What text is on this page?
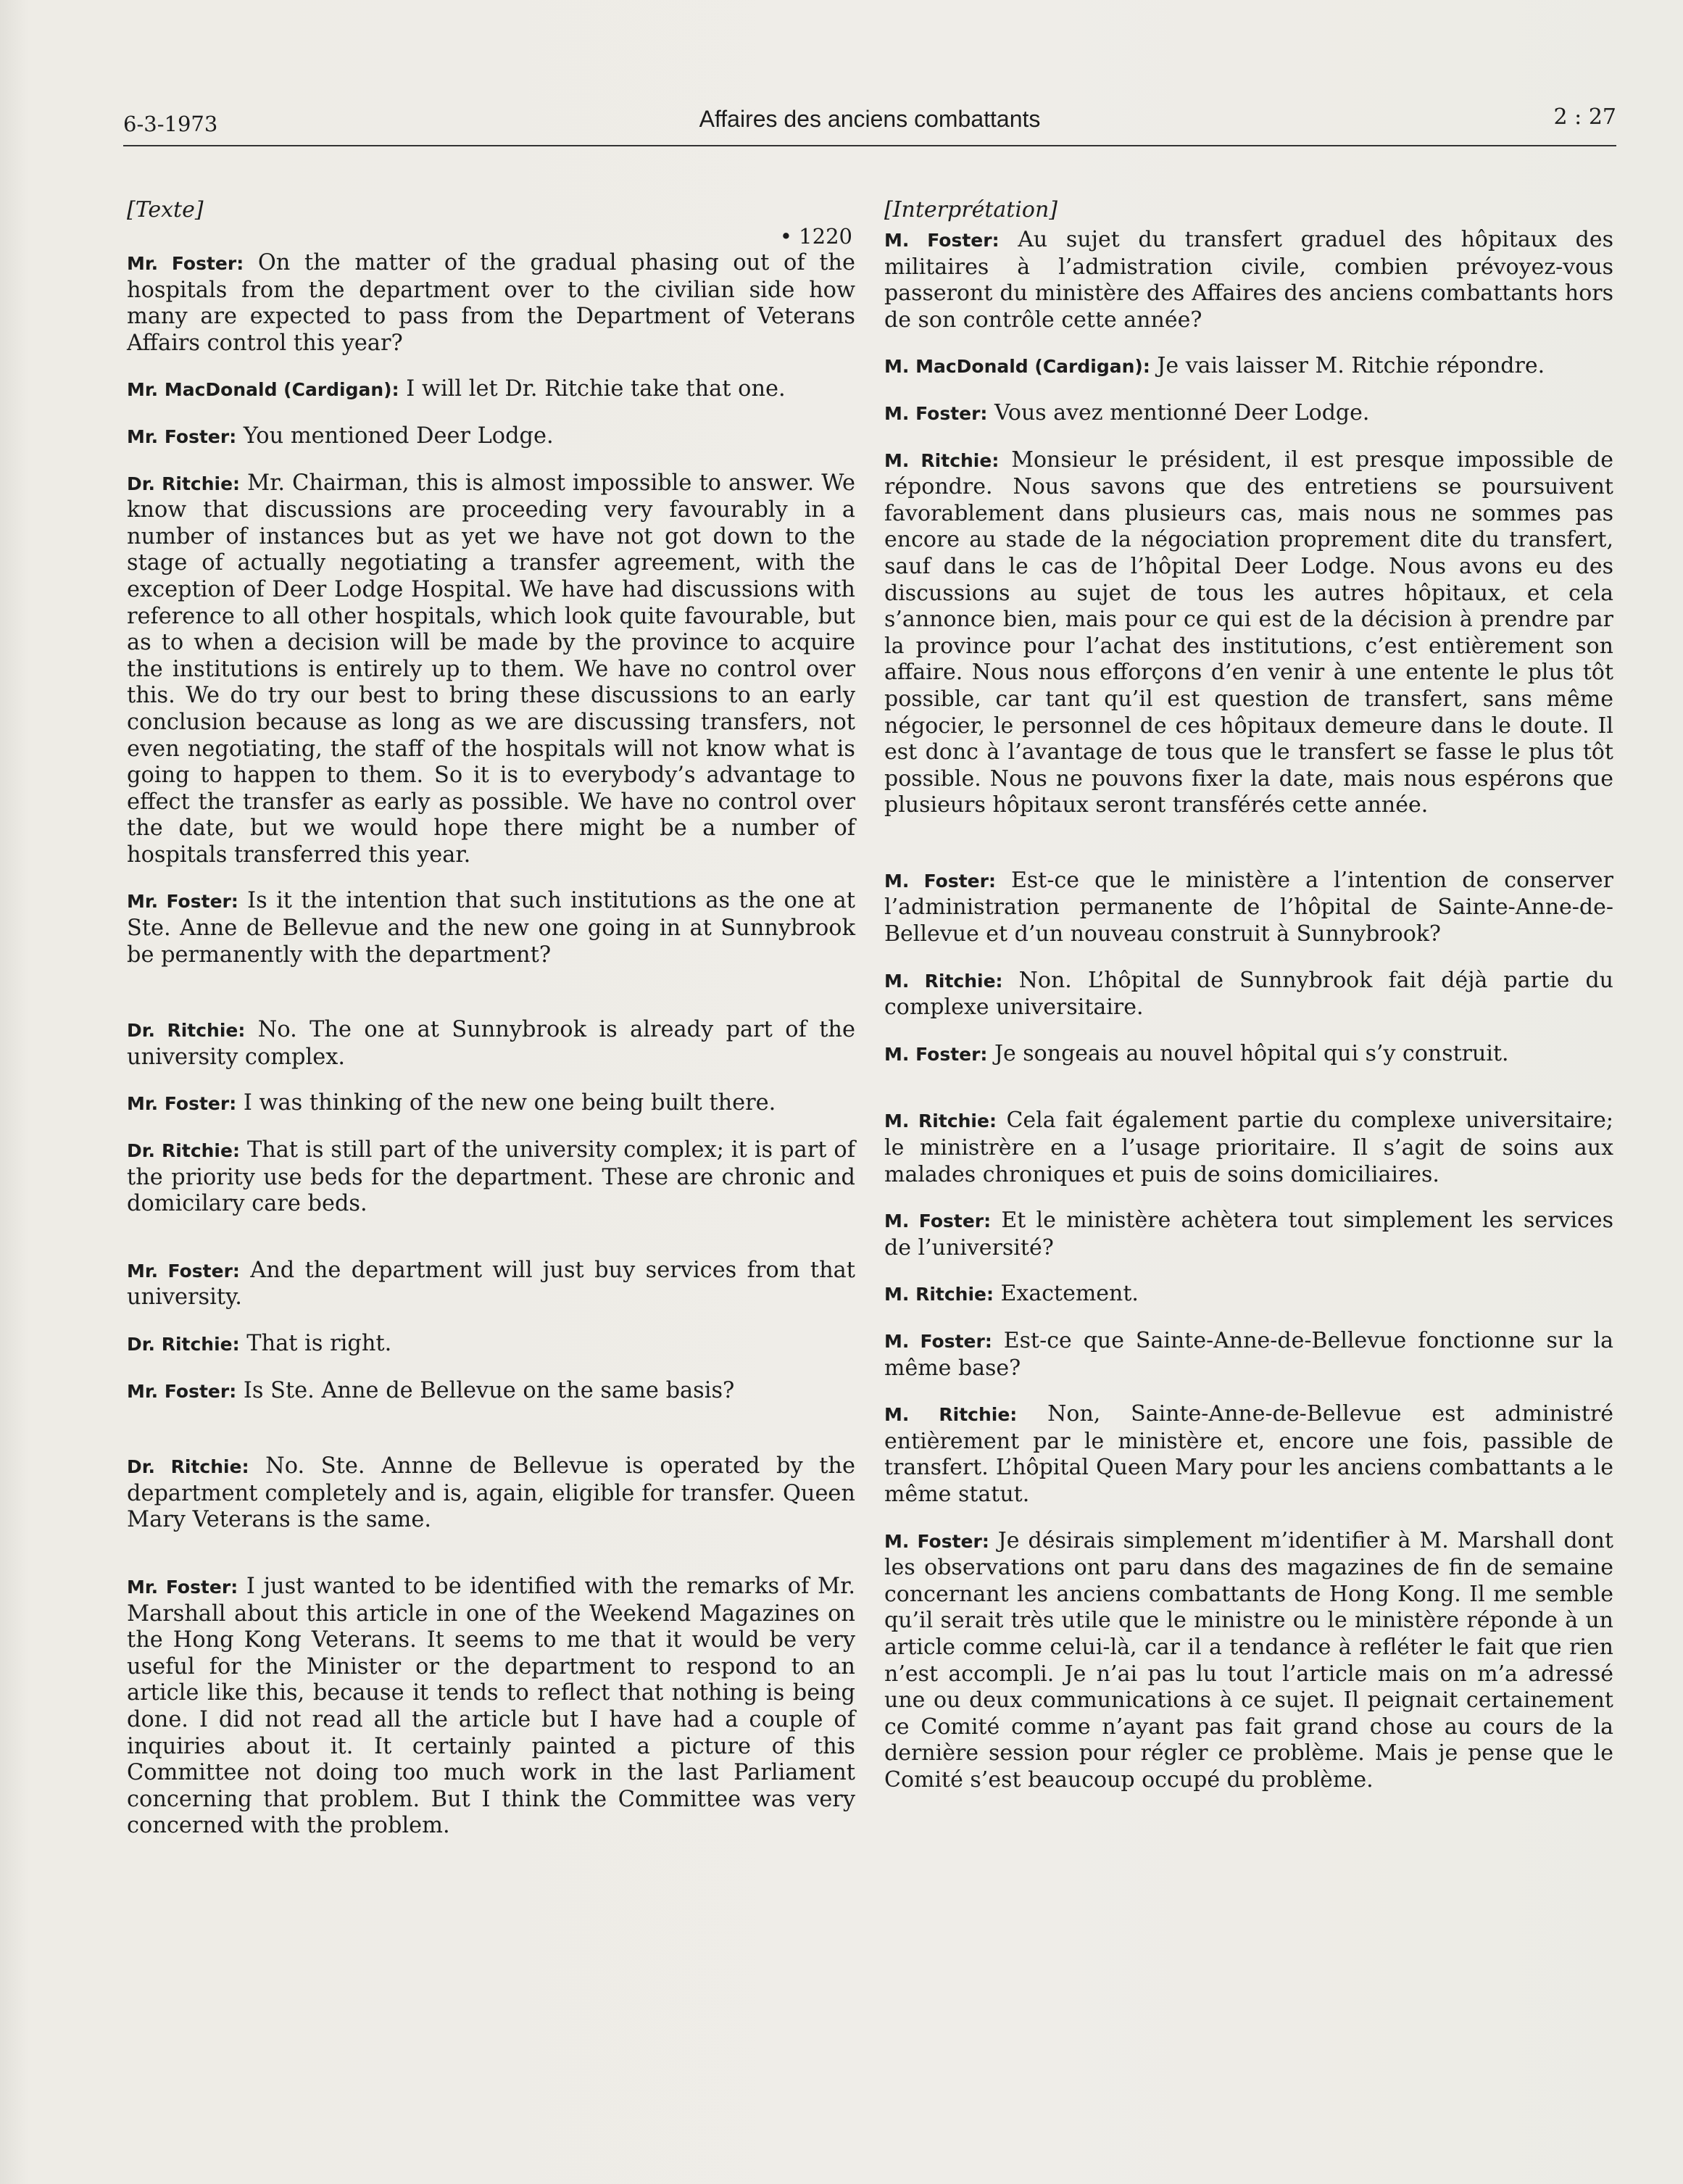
6-3-1973	Affaires des anciens combattants	2 : 27
[Texte]
• 1220

Mr. Foster: On the matter of the gradual phasing out of the hospitals from the department over to the civilian side how many are expected to pass from the Department of Veterans Affairs control this year?

Mr. MacDonald (Cardigan): I will let Dr. Ritchie take that one.

Mr. Foster: You mentioned Deer Lodge.

Dr. Ritchie: Mr. Chairman, this is almost impossible to answer. We know that discussions are proceeding very favourably in a number of instances but as yet we have not got down to the stage of actually negotiating a transfer agreement, with the exception of Deer Lodge Hospital. We have had discussions with reference to all other hospitals, which look quite favourable, but as to when a decision will be made by the province to acquire the institutions is entirely up to them. We have no control over this. We do try our best to bring these discussions to an early conclusion because as long as we are discussing transfers, not even negotiating, the staff of the hospitals will not know what is going to happen to them. So it is to everybody’s advantage to effect the transfer as early as possible. We have no control over the date, but we would hope there might be a number of hospitals transferred this year.

Mr. Foster: Is it the intention that such institutions as the one at Ste. Anne de Bellevue and the new one going in at Sunnybrook be permanently with the department?

Dr. Ritchie: No. The one at Sunnybrook is already part of the university complex.

Mr. Foster: I was thinking of the new one being built there.

Dr. Ritchie: That is still part of the university complex; it is part of the priority use beds for the department. These are chronic and domicilary care beds.

Mr. Foster: And the department will just buy services from that university.

Dr. Ritchie: That is right.

Mr. Foster: Is Ste. Anne de Bellevue on the same basis?

Dr. Ritchie: No. Ste. Annne de Bellevue is operated by the department completely and is, again, eligible for transfer. Queen Mary Veterans is the same.

Mr. Foster: I just wanted to be identified with the remarks of Mr. Marshall about this article in one of the Weekend Magazines on the Hong Kong Veterans. It seems to me that it would be very useful for the Minister or the department to respond to an article like this, because it tends to reflect that nothing is being done. I did not read all the article but I have had a couple of inquiries about it. It certainly painted a picture of this Committee not doing too much work in the last Parliament concerning that problem. But I think the Committee was very concerned with the problem.

[Interprétation]

M. Foster: Au sujet du transfert graduel des hôpitaux des militaires à l’admistration civile, combien prévoyez-vous passeront du ministère des Affaires des anciens combattants hors de son contrôle cette année?

M. MacDonald (Cardigan): Je vais laisser M. Ritchie répondre.

M. Foster: Vous avez mentionné Deer Lodge.

M. Ritchie: Monsieur le président, il est presque impossible de répondre. Nous savons que des entretiens se poursuivent favorablement dans plusieurs cas, mais nous ne sommes pas encore au stade de la négociation proprement dite du transfert, sauf dans le cas de l’hôpital Deer Lodge. Nous avons eu des discussions au sujet de tous les autres hôpitaux, et cela s’annonce bien, mais pour ce qui est de la décision à prendre par la province pour l’achat des institutions, c’est entièrement son affaire. Nous nous efforçons d’en venir à une entente le plus tôt possible, car tant qu’il est question de transfert, sans même négocier, le personnel de ces hôpitaux demeure dans le doute. Il est donc à l’avantage de tous que le transfert se fasse le plus tôt possible. Nous ne pouvons fixer la date, mais nous espérons que plusieurs hôpitaux seront transférés cette année.

M. Foster: Est-ce que le ministère a l’intention de conserver l’administration permanente de l’hôpital de Sainte-Anne-de-Bellevue et d’un nouveau construit à Sunnybrook?

M. Ritchie: Non. L’hôpital de Sunnybrook fait déjà partie du complexe universitaire.

M. Foster: Je songeais au nouvel hôpital qui s’y construit.

M. Ritchie: Cela fait également partie du complexe universitaire; le ministrère en a l’usage prioritaire. Il s’agit de soins aux malades chroniques et puis de soins domiciliaires.

M. Foster: Et le ministère achètera tout simplement les services de l’université?

M. Ritchie: Exactement.

M. Foster: Est-ce que Sainte-Anne-de-Bellevue fonctionne sur la même base?

M. Ritchie: Non, Sainte-Anne-de-Bellevue est administré entièrement par le ministère et, encore une fois, passible de transfert. L’hôpital Queen Mary pour les anciens combattants a le même statut.

M. Foster: Je désirais simplement m’identifier à M. Marshall dont les observations ont paru dans des magazines de fin de semaine concernant les anciens combattants de Hong Kong. Il me semble qu’il serait très utile que le ministre ou le ministère réponde à un article comme celui-là, car il a tendance à refléter le fait que rien n’est accompli. Je n’ai pas lu tout l’article mais on m’a adressé une ou deux communications à ce sujet. Il peignait certainement ce Comité comme n’ayant pas fait grand chose au cours de la dernière session pour régler ce problème. Mais je pense que le Comité s’est beaucoup occupé du problème.
